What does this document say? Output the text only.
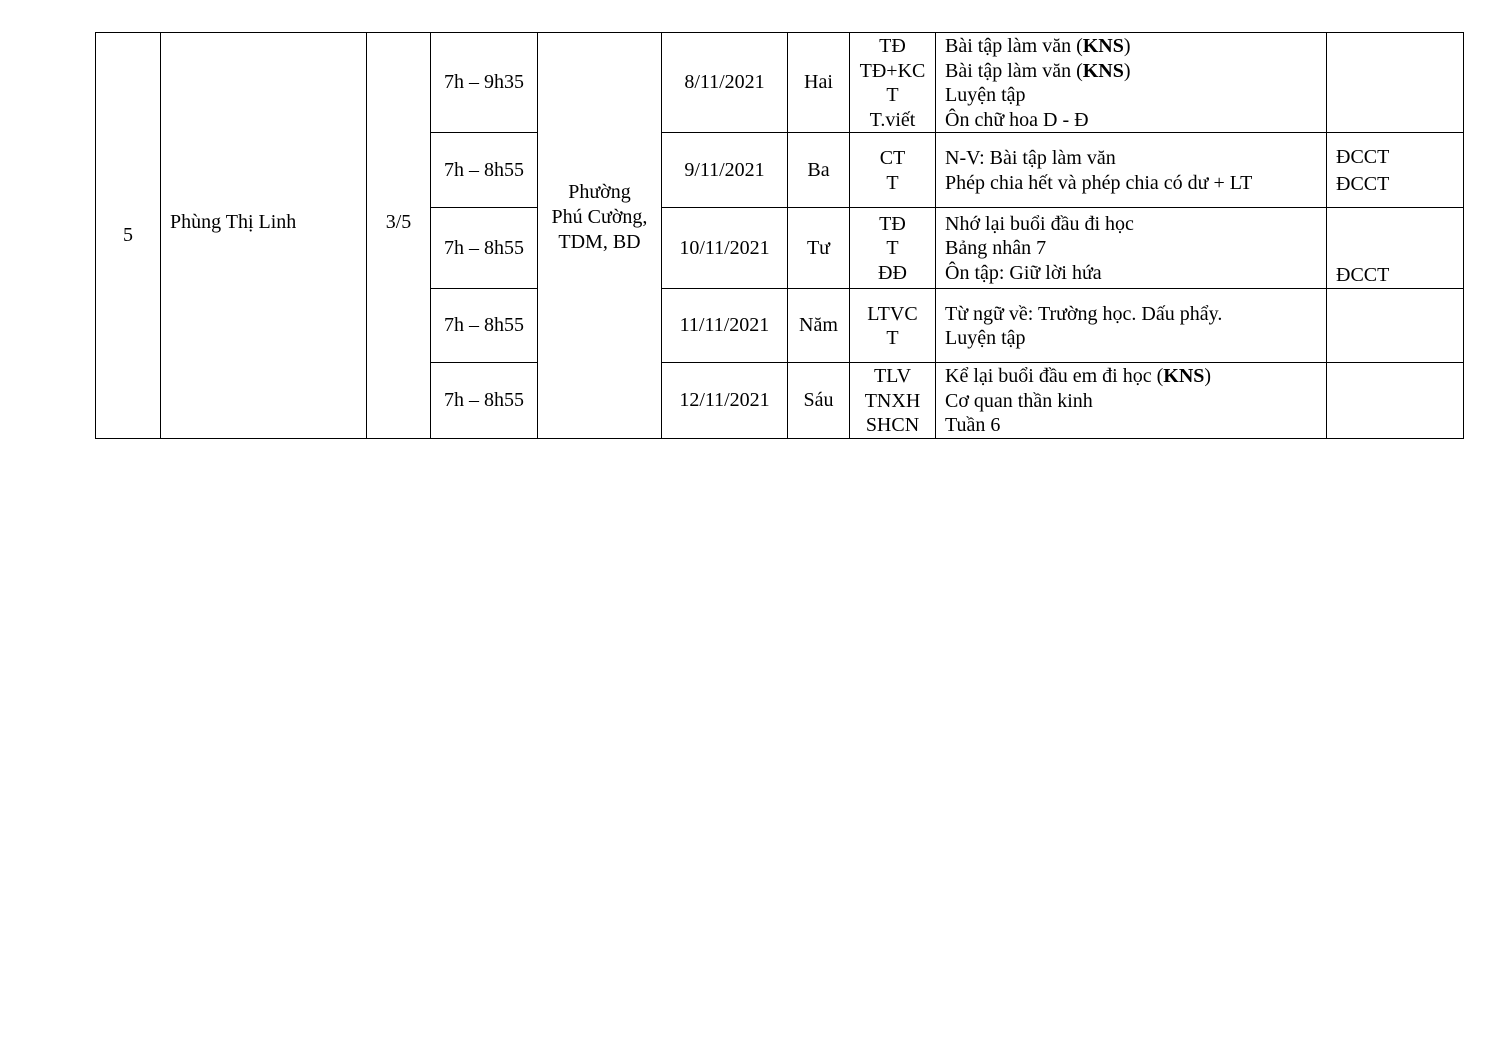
5	Phùng Thị Linh	3/5	7h – 9h35	Phường
Phú Cường,
TDM, BD	8/11/2021	Hai	TĐ
TĐ+KC
T
T.viết	Bài tập làm văn (KNS)
Bài tập làm văn (KNS)
Luyện tập
Ôn chữ hoa D - Đ	

			7h – 8h55		9/11/2021	Ba	CT
T	N-V: Bài tập làm văn
Phép chia hết và phép chia có dư + LT	ĐCCT
ĐCCT

			7h – 8h55		10/11/2021	Tư	TĐ
T
ĐĐ	Nhớ lại buổi đầu đi học
Bảng nhân 7
Ôn tập: Giữ lời hứa	ĐCCT

			7h – 8h55		11/11/2021	Năm	LTVC
T	Từ ngữ về: Trường học. Dấu phẩy.
Luyện tập	

			7h – 8h55		12/11/2021	Sáu	TLV
TNXH
SHCN	Kể lại buổi đầu em đi học (KNS)
Cơ quan thần kinh
Tuần 6	
